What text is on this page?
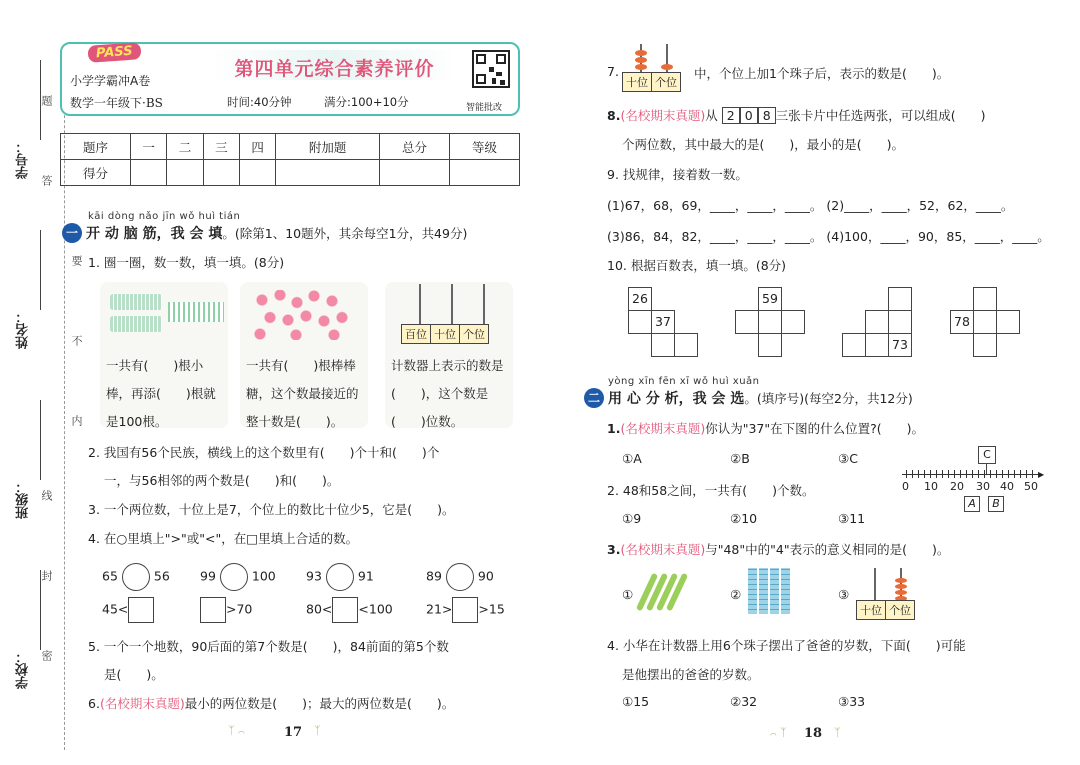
学号：
姓名：
班级：
学校：
题
答
要
不
内
线
封
密
PASS
小学学霸冲A卷
数学一年级下·BS
第四单元综合素养评价
时间:40分钟	满分:100+10分	智能批改
题序	一	二	三	四	附加题	总分	等级
得分							
kāi dòng nǎo jīn wǒ huì tián
一 开 动 脑 筋，我 会 填。(除第1、10题外，其余每空1分，共49分)
1. 圈一圈，数一数，填一填。(8分)
一共有(　　)根小棒，再添(　　)根就是100根。
一共有(　　)根棒棒糖，这个数最接近的整十数是(　　)。
百位 十位 个位
计数器上表示的数是(　　)，这个数是(　　)位数。
2. 我国有56个民族，横线上的这个数里有(　　)个十和(　　)个
一，与56相邻的两个数是(　　)和(　　)。
3. 一个两位数，十位上是7，个位上的数比十位少5，它是(　　)。
4. 在○里填上">"或"<"，在□里填上合适的数。
65	56 99	100 93	91	89	90
45<	>70	80< <100	21> >15
5. 一个一个地数，90后面的第7个数是(　　)，84前面的第5个数
是(　　)。
6.(名校期末真题)最小的两位数是(　　)；最大的两位数是(　　)。
ᛉ ⌒	17 ᛉ
7.
十位 个位
中，个位上加1个珠子后，表示的数是(　　)。
8.(名校期末真题)从 2 0 8 三张卡片中任选两张，可以组成(　　)
个两位数，其中最大的是(　　)，最小的是(　　)。
9. 找规律，接着数一数。
(1)67，68，69，____，____，____。 (2)____，____，52，62，____。
(3)86，84，82，____，____，____。 (4)100，____，90，85，____，____。
10. 根据百数表，填一填。(8分)
26
37
59
73
78
yòng xīn fēn xī wǒ huì xuǎn
二 用 心 分 析，我 会 选。(填序号)(每空2分，共12分)
1.(名校期末真题)你认为"37"在下图的什么位置?(　　)。
①A	②B	③C	C
▶
0 10 20 30 40 50
A	B
2. 48和58之间，一共有(　　)个数。
①9	②10	③11
3.(名校期末真题)与"48"中的"4"表示的意义相同的是(　　)。
①	②	③
十位 个位
4. 小华在计数器上用6个珠子摆出了爸爸的岁数，下面(　　)可能
是他摆出的爸爸的岁数。
①15	②32	③33
⌒ ᛉ 18 ᛉ
